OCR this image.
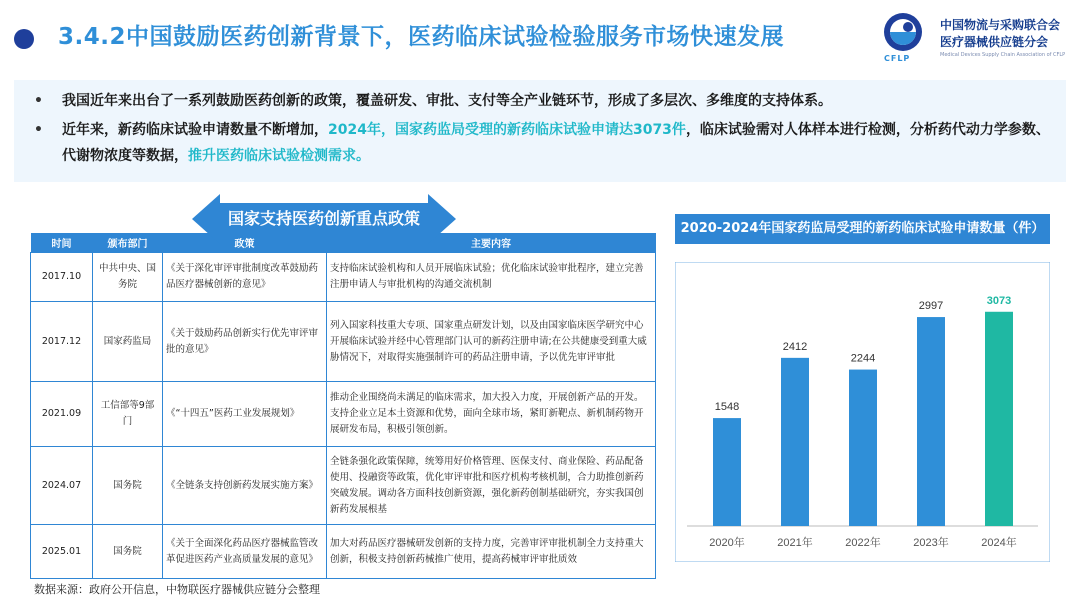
3.4.2中国鼓励医药创新背景下，医药临床试验检验服务市场快速发展
CFLP
中国物流与采购联合会
医疗器械供应链分会
Medical Devices Supply Chain Association of CFLP
•	我国近年来出台了一系列鼓励医药创新的政策，覆盖研发、审批、支付等全产业链环节，形成了多层次、多维度的支持体系。
•	近年来，新药临床试验申请数量不断增加，2024年，国家药监局受理的新药临床试验申请达3073件，临床试验需对人体样本进行检测，分析药代动力学参数、代谢物浓度等数据，推升医药临床试验检测需求。
时间	颁布部门	政策	主要内容
2017.10	中共中央、国务院	《关于深化审评审批制度改革鼓励药品医疗器械创新的意见》	支持临床试验机构和人员开展临床试验；优化临床试验审批程序，建立完善注册申请人与审批机构的沟通交流机制
2017.12	国家药监局	《关于鼓励药品创新实行优先审评审批的意见》	列入国家科技重大专项、国家重点研发计划，以及由国家临床医学研究中心开展临床试验并经中心管理部门认可的新药注册申请;在公共健康受到重大威胁情况下，对取得实施强制许可的药品注册申请，予以优先审评审批
2021.09	工信部等9部门	《“十四五”医药工业发展规划》	推动企业围绕尚未满足的临床需求，加大投入力度，开展创新产品的开发。支持企业立足本土资源和优势，面向全球市场，紧盯新靶点、新机制药物开展研发布局，积极引领创新。
2024.07	国务院	《全链条支持创新药发展实施方案》	全链条强化政策保障，统筹用好价格管理、医保支付、商业保险、药品配备使用、投融资等政策，优化审评审批和医疗机构考核机制，合力助推创新药突破发展。调动各方面科技创新资源，强化新药创制基础研究，夯实我国创新药发展根基
2025.01	国务院	《关于全面深化药品医疗器械监管改革促进医药产业高质量发展的意见》	加大对药品医疗器械研发创新的支持力度，完善审评审批机制全力支持重大创新，积极支持创新药械推广使用，提高药械审评审批质效
国家支持医药创新重点政策
数据来源：政府公开信息，中物联医疗器械供应链分会整理
2020-2024年国家药监局受理的新药临床试验申请数量（件）
1548
2020年
2412
2021年
2244
2022年
2997
2023年
3073
2024年
